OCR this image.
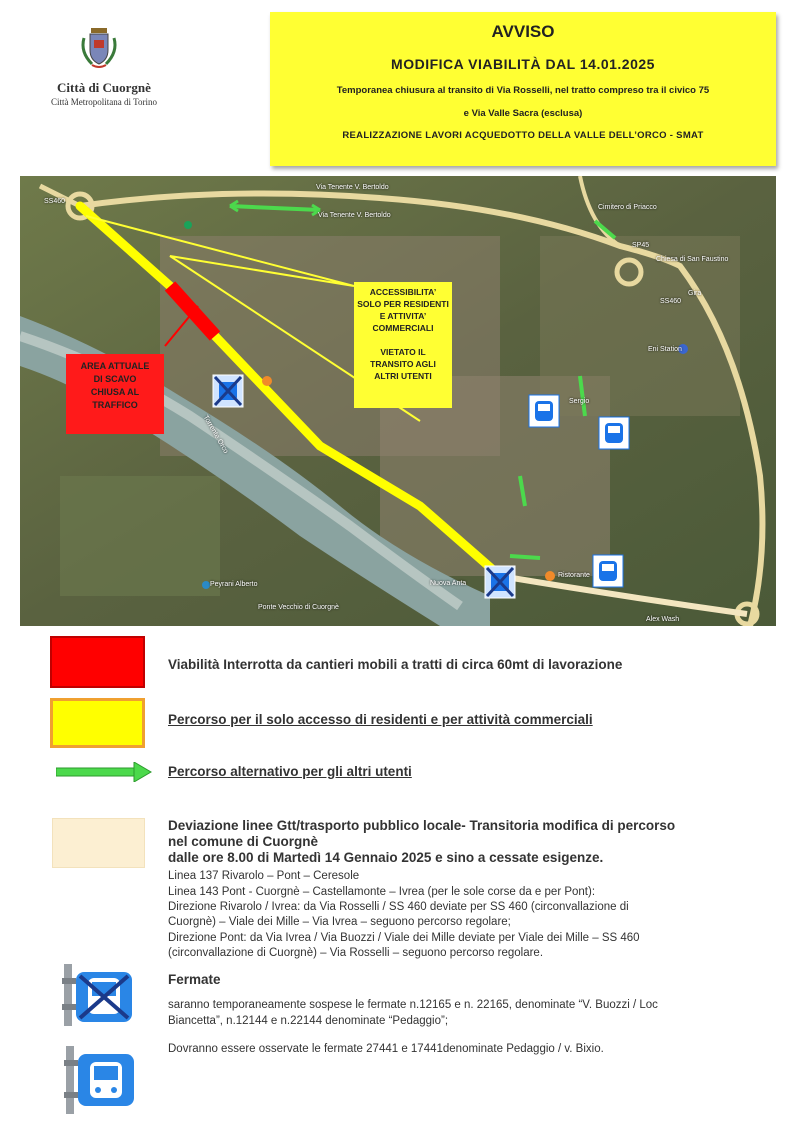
Città di Cuorgnè
Città Metropolitana di Torino
AVVISO
MODIFICA VIABILITÀ DAL 14.01.2025
Temporanea chiusura al transito di Via Rosselli, nel tratto compreso tra il civico 75
e Via Valle Sacra (esclusa)
REALIZZAZIONE LAVORI ACQUEDOTTO DELLA VALLE DELL’ORCO - SMAT
Via Tenente V. Bertoldo
Via Tenente V. Bertoldo
Cimitero di Priacco
Chiesa di San Faustino
Eni Station
Gira
Sergio
Torrente Orco
Peyrani Alberto
Ponte Vecchio di Cuorgnè
Nuova Anta
Ristorante
Alex Wash
SS460
SS460
SP45
AREA ATTUALE
DI SCAVO
CHIUSA AL
TRAFFICO
ACCESSIBILITA’
SOLO PER RESIDENTI
E ATTIVITA’
COMMERCIALI
VIETATO IL
TRANSITO AGLI
ALTRI UTENTI
Viabilità Interrotta da cantieri mobili a tratti di circa 60mt di lavorazione
Percorso per il solo accesso di residenti e per attività commerciali
Percorso alternativo per gli altri utenti
Deviazione linee Gtt/trasporto pubblico locale- Transitoria modifica di percorso
nel comune di Cuorgnè
dalle ore 8.00 di Martedì 14 Gennaio 2025 e sino a cessate esigenze.
Linea 137 Rivarolo – Pont – Ceresole
Linea 143 Pont - Cuorgnè – Castellamonte – Ivrea (per le sole corse da e per Pont):
Direzione Rivarolo / Ivrea: da Via Rosselli / SS 460 deviate per SS 460 (circonvallazione di
Cuorgnè) – Viale dei Mille – Via Ivrea – seguono percorso regolare;
Direzione Pont: da Via Ivrea / Via Buozzi / Viale dei Mille deviate per Viale dei Mille – SS 460
(circonvallazione di Cuorgnè) – Via Rosselli – seguono percorso regolare.
Fermate
saranno temporaneamente sospese le fermate n.12165 e n. 22165, denominate “V. Buozzi / Loc
Biancetta”, n.12144 e n.22144 denominate “Pedaggio”;
Dovranno essere osservate le fermate 27441 e 17441denominate Pedaggio / v. Bixio.
